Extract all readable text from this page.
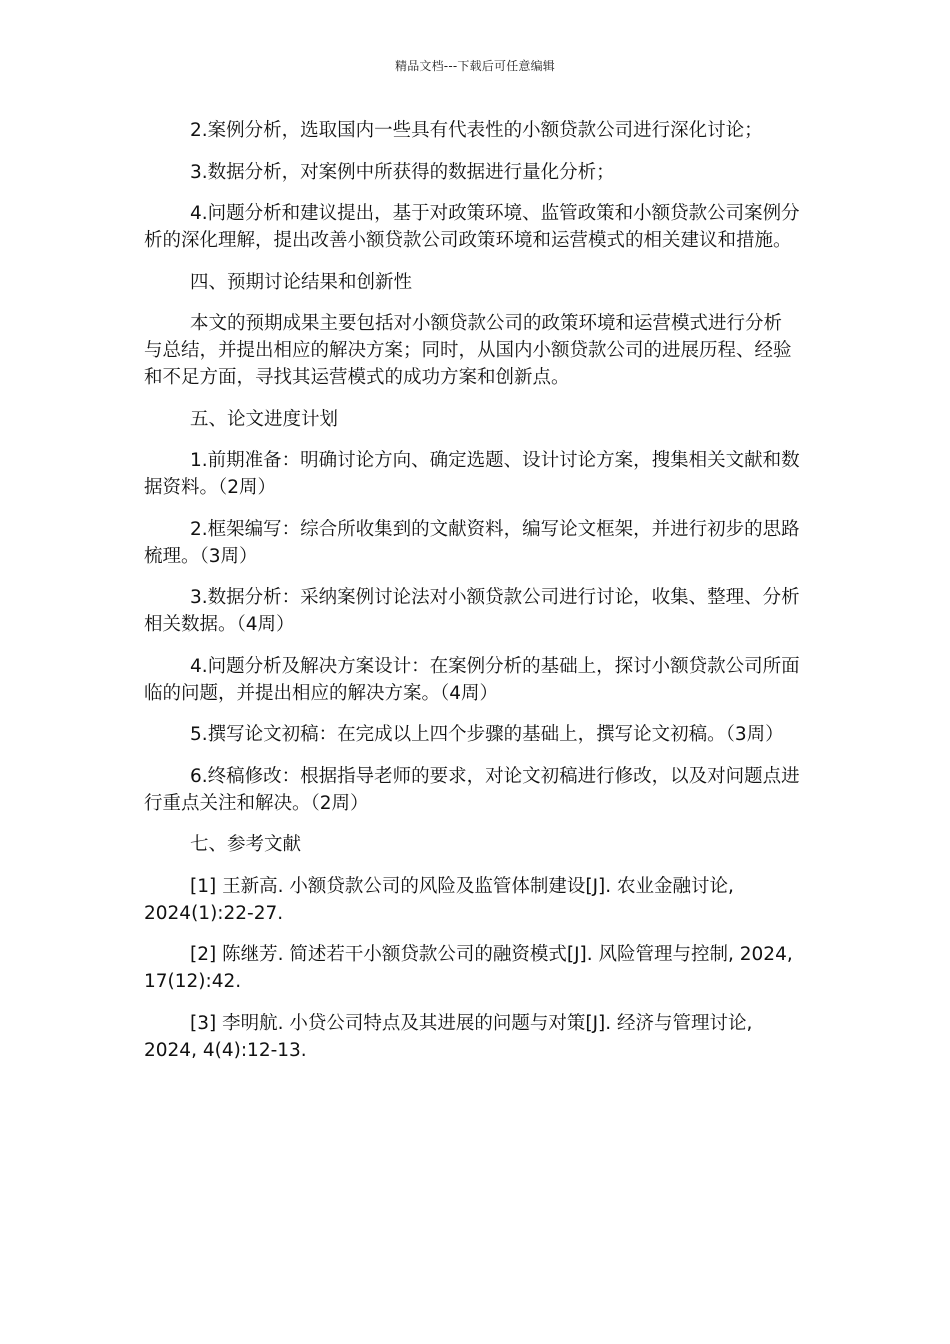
精品文档---下载后可任意编辑

2.案例分析，选取国内一些具有代表性的小额贷款公司进行深化讨论；

3.数据分析，对案例中所获得的数据进行量化分析；

4.问题分析和建议提出，基于对政策环境、监管政策和小额贷款公司案例分析的深化理解，提出改善小额贷款公司政策环境和运营模式的相关建议和措施。

四、预期讨论结果和创新性

本文的预期成果主要包括对小额贷款公司的政策环境和运营模式进行分析与总结，并提出相应的解决方案；同时，从国内小额贷款公司的进展历程、经验和不足方面，寻找其运营模式的成功方案和创新点。

五、论文进度计划

1.前期准备：明确讨论方向、确定选题、设计讨论方案，搜集相关文献和数据资料。（2周）

2.框架编写：综合所收集到的文献资料，编写论文框架，并进行初步的思路梳理。（3周）

3.数据分析：采纳案例讨论法对小额贷款公司进行讨论，收集、整理、分析相关数据。（4周）

4.问题分析及解决方案设计：在案例分析的基础上，探讨小额贷款公司所面临的问题，并提出相应的解决方案。（4周）

5.撰写论文初稿：在完成以上四个步骤的基础上，撰写论文初稿。（3周）

6.终稿修改：根据指导老师的要求，对论文初稿进行修改，以及对问题点进行重点关注和解决。（2周）

七、参考文献

[1] 王新高. 小额贷款公司的风险及监管体制建设[J]. 农业金融讨论, 2024(1):22-27.

[2] 陈继芳. 简述若干小额贷款公司的融资模式[J]. 风险管理与控制, 2024, 17(12):42.

[3] 李明航. 小贷公司特点及其进展的问题与对策[J]. 经济与管理讨论, 2024, 4(4):12-13.
